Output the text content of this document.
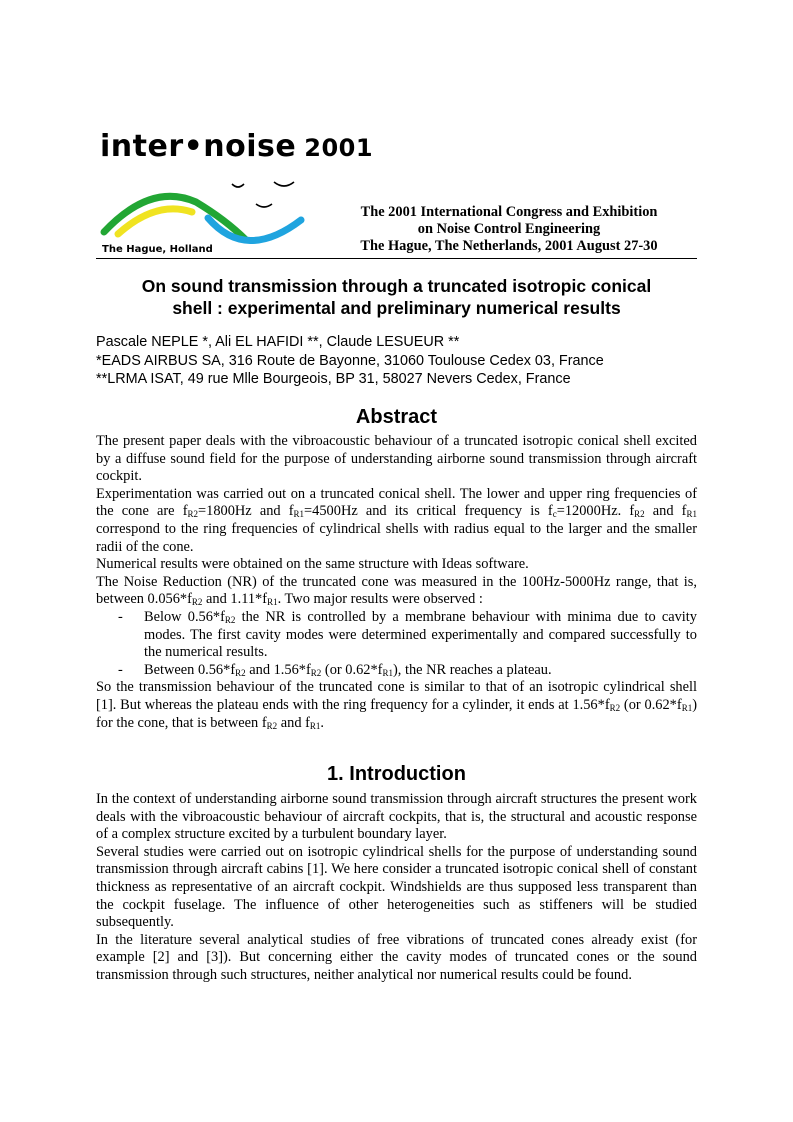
inter•noise 2001
The Hague, Holland
The 2001 International Congress and Exhibition
on Noise Control Engineering
The Hague, The Netherlands, 2001 August 27-30
On sound transmission through a truncated isotropic conical
shell : experimental and preliminary numerical results
Pascale NEPLE *, Ali EL HAFIDI **, Claude LESUEUR **
*EADS AIRBUS SA, 316 Route de Bayonne, 31060 Toulouse Cedex 03, France
**LRMA ISAT, 49 rue Mlle Bourgeois, BP 31, 58027 Nevers Cedex, France
Abstract

The present paper deals with the vibroacoustic behaviour of a truncated isotropic conical shell excited by a diffuse sound field for the purpose of understanding airborne sound transmission through aircraft cockpit.

Experimentation was carried out on a truncated conical shell. The lower and upper ring frequencies of the cone are $f_{R2}=1800Hz$ and $f_{R1}=4500Hz$ and its critical frequency is $f_c=12000Hz$. $f_{R2}$ and $f_{R1}$ correspond to the ring frequencies of cylindrical shells with radius equal to the larger and the smaller radii of the cone.

Numerical results were obtained on the same structure with Ideas software.

The Noise Reduction (NR) of the truncated cone was measured in the 100Hz-5000Hz range, that is, between $0.056*f_{R2}$ and $1.11*f_{R1}$. Two major results were observed :

- Below $0.56*f_{R2}$ the NR is controlled by a membrane behaviour with minima due to cavity modes. The first cavity modes were determined experimentally and compared successfully to the numerical results.
- Between $0.56*f_{R2}$ and $1.56*f_{R2}$ (or $0.62*f_{R1}$), the NR reaches a plateau.

So the transmission behaviour of the truncated cone is similar to that of an isotropic cylindrical shell [1]. But whereas the plateau ends with the ring frequency for a cylinder, it ends at $1.56*f_{R2}$ (or $0.62*f_{R1}$) for the cone, that is between $f_{R2}$ and $f_{R1}$.

1. Introduction

In the context of understanding airborne sound transmission through aircraft structures the present work deals with the vibroacoustic behaviour of aircraft cockpits, that is, the structural and acoustic response of a complex structure excited by a turbulent boundary layer.

Several studies were carried out on isotropic cylindrical shells for the purpose of understanding sound transmission through aircraft cabins [1]. We here consider a truncated isotropic conical shell of constant thickness as representative of an aircraft cockpit. Windshields are thus supposed less transparent than the cockpit fuselage. The influence of other heterogeneities such as stiffeners will be studied subsequently.

In the literature several analytical studies of free vibrations of truncated cones already exist (for example [2] and [3]). But concerning either the cavity modes of truncated cones or the sound transmission through such structures, neither analytical nor numerical results could be found.
